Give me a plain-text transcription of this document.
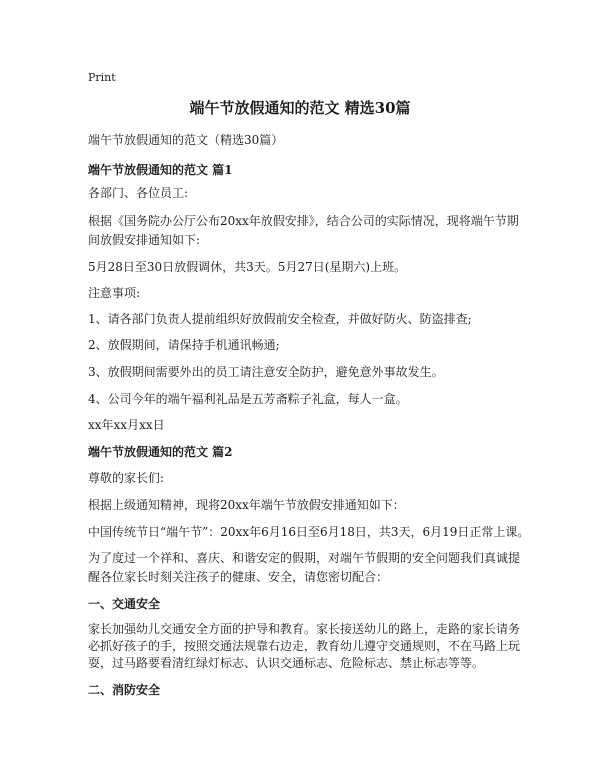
Print
端午节放假通知的范文 精选30篇
端午节放假通知的范文（精选30篇）
端午节放假通知的范文 篇1
各部门、各位员工:
根据《国务院办公厅公布20xx年放假安排》，结合公司的实际情况，现将端午节期
间放假安排通知如下:
5月28日至30日放假调休，共3天。5月27日(星期六)上班。
注意事项:
1、请各部门负责人提前组织好放假前安全检查，并做好防火、防盗排查;
2、放假期间，请保持手机通讯畅通;
3、放假期间需要外出的员工请注意安全防护，避免意外事故发生。
4、公司今年的端午福利礼品是五芳斋粽子礼盒，每人一盒。
xx年xx月xx日
端午节放假通知的范文 篇2
尊敬的家长们:
根据上级通知精神，现将20xx年端午节放假安排通知如下：
中国传统节日“端午节”：20xx年6月16日至6月18日，共3天，6月19日正常上课。
为了度过一个祥和、喜庆、和谐安定的假期，对端午节假期的安全问题我们真诚提
醒各位家长时刻关注孩子的健康、安全，请您密切配合：
一、交通安全
家长加强幼儿交通安全方面的护导和教育。家长接送幼儿的路上，走路的家长请务
必抓好孩子的手，按照交通法规靠右边走，教育幼儿遵守交通规则，不在马路上玩
耍，过马路要看清红绿灯标志、认识交通标志、危险标志、禁止标志等等。
二、消防安全
